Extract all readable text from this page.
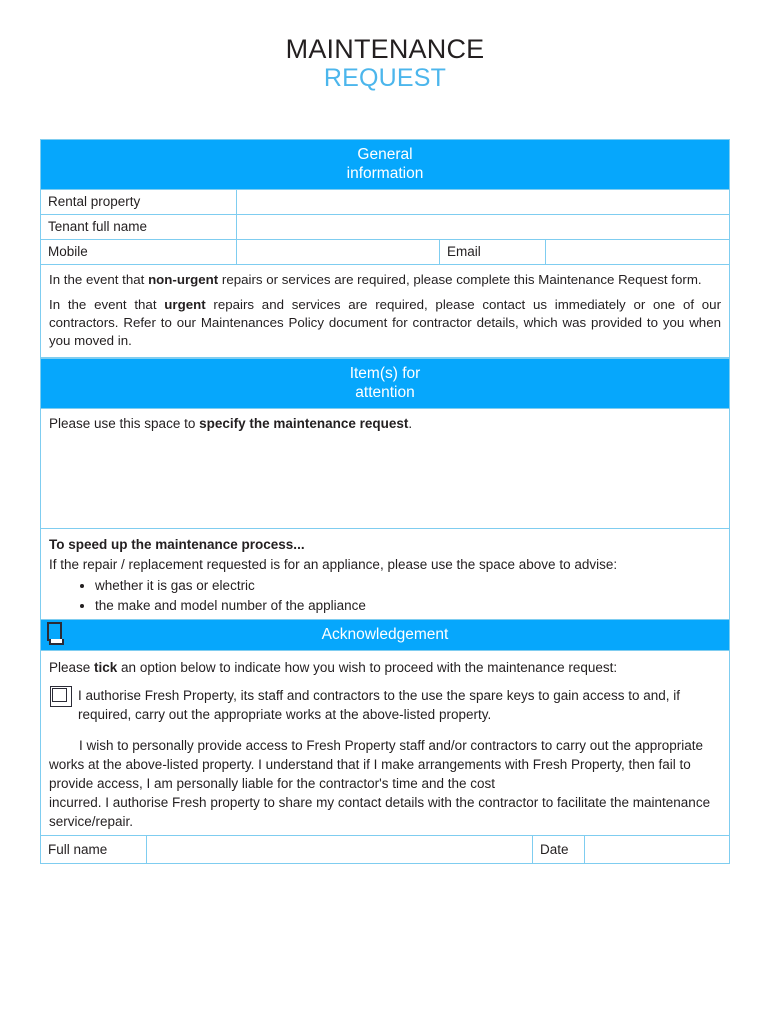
MAINTENANCE
REQUEST
General
information
Rental property
Tenant full name
Mobile	Email

In the event that non-urgent repairs or services are required, please complete this Maintenance Request form.

In the event that urgent repairs and services are required, please contact us immediately or one of our contractors. Refer to our Maintenances Policy document for contractor details, which was provided to you when you moved in.

Item(s) for
attention

Please use this space to specify the maintenance request.

To speed up the maintenance process...

If the repair / replacement requested is for an appliance, please use the space above to advise:

• whether it is gas or electric
• the make and model number of the appliance
Acknowledgement

Please tick an option below to indicate how you wish to proceed with the maintenance request:

I authorise Fresh Property, its staff and contractors to the use the spare keys to gain access to and, if required, carry out the appropriate works at the above-listed property.

I wish to personally provide access to Fresh Property staff and/or contractors to carry out the appropriate works at the above-listed property. I understand that if I make arrangements with Fresh Property, then fail to provide access, I am personally liable for the contractor's time and the cost
incurred. I authorise Fresh property to share my contact details with the contractor to facilitate the maintenance service/repair.

Full name	Date
